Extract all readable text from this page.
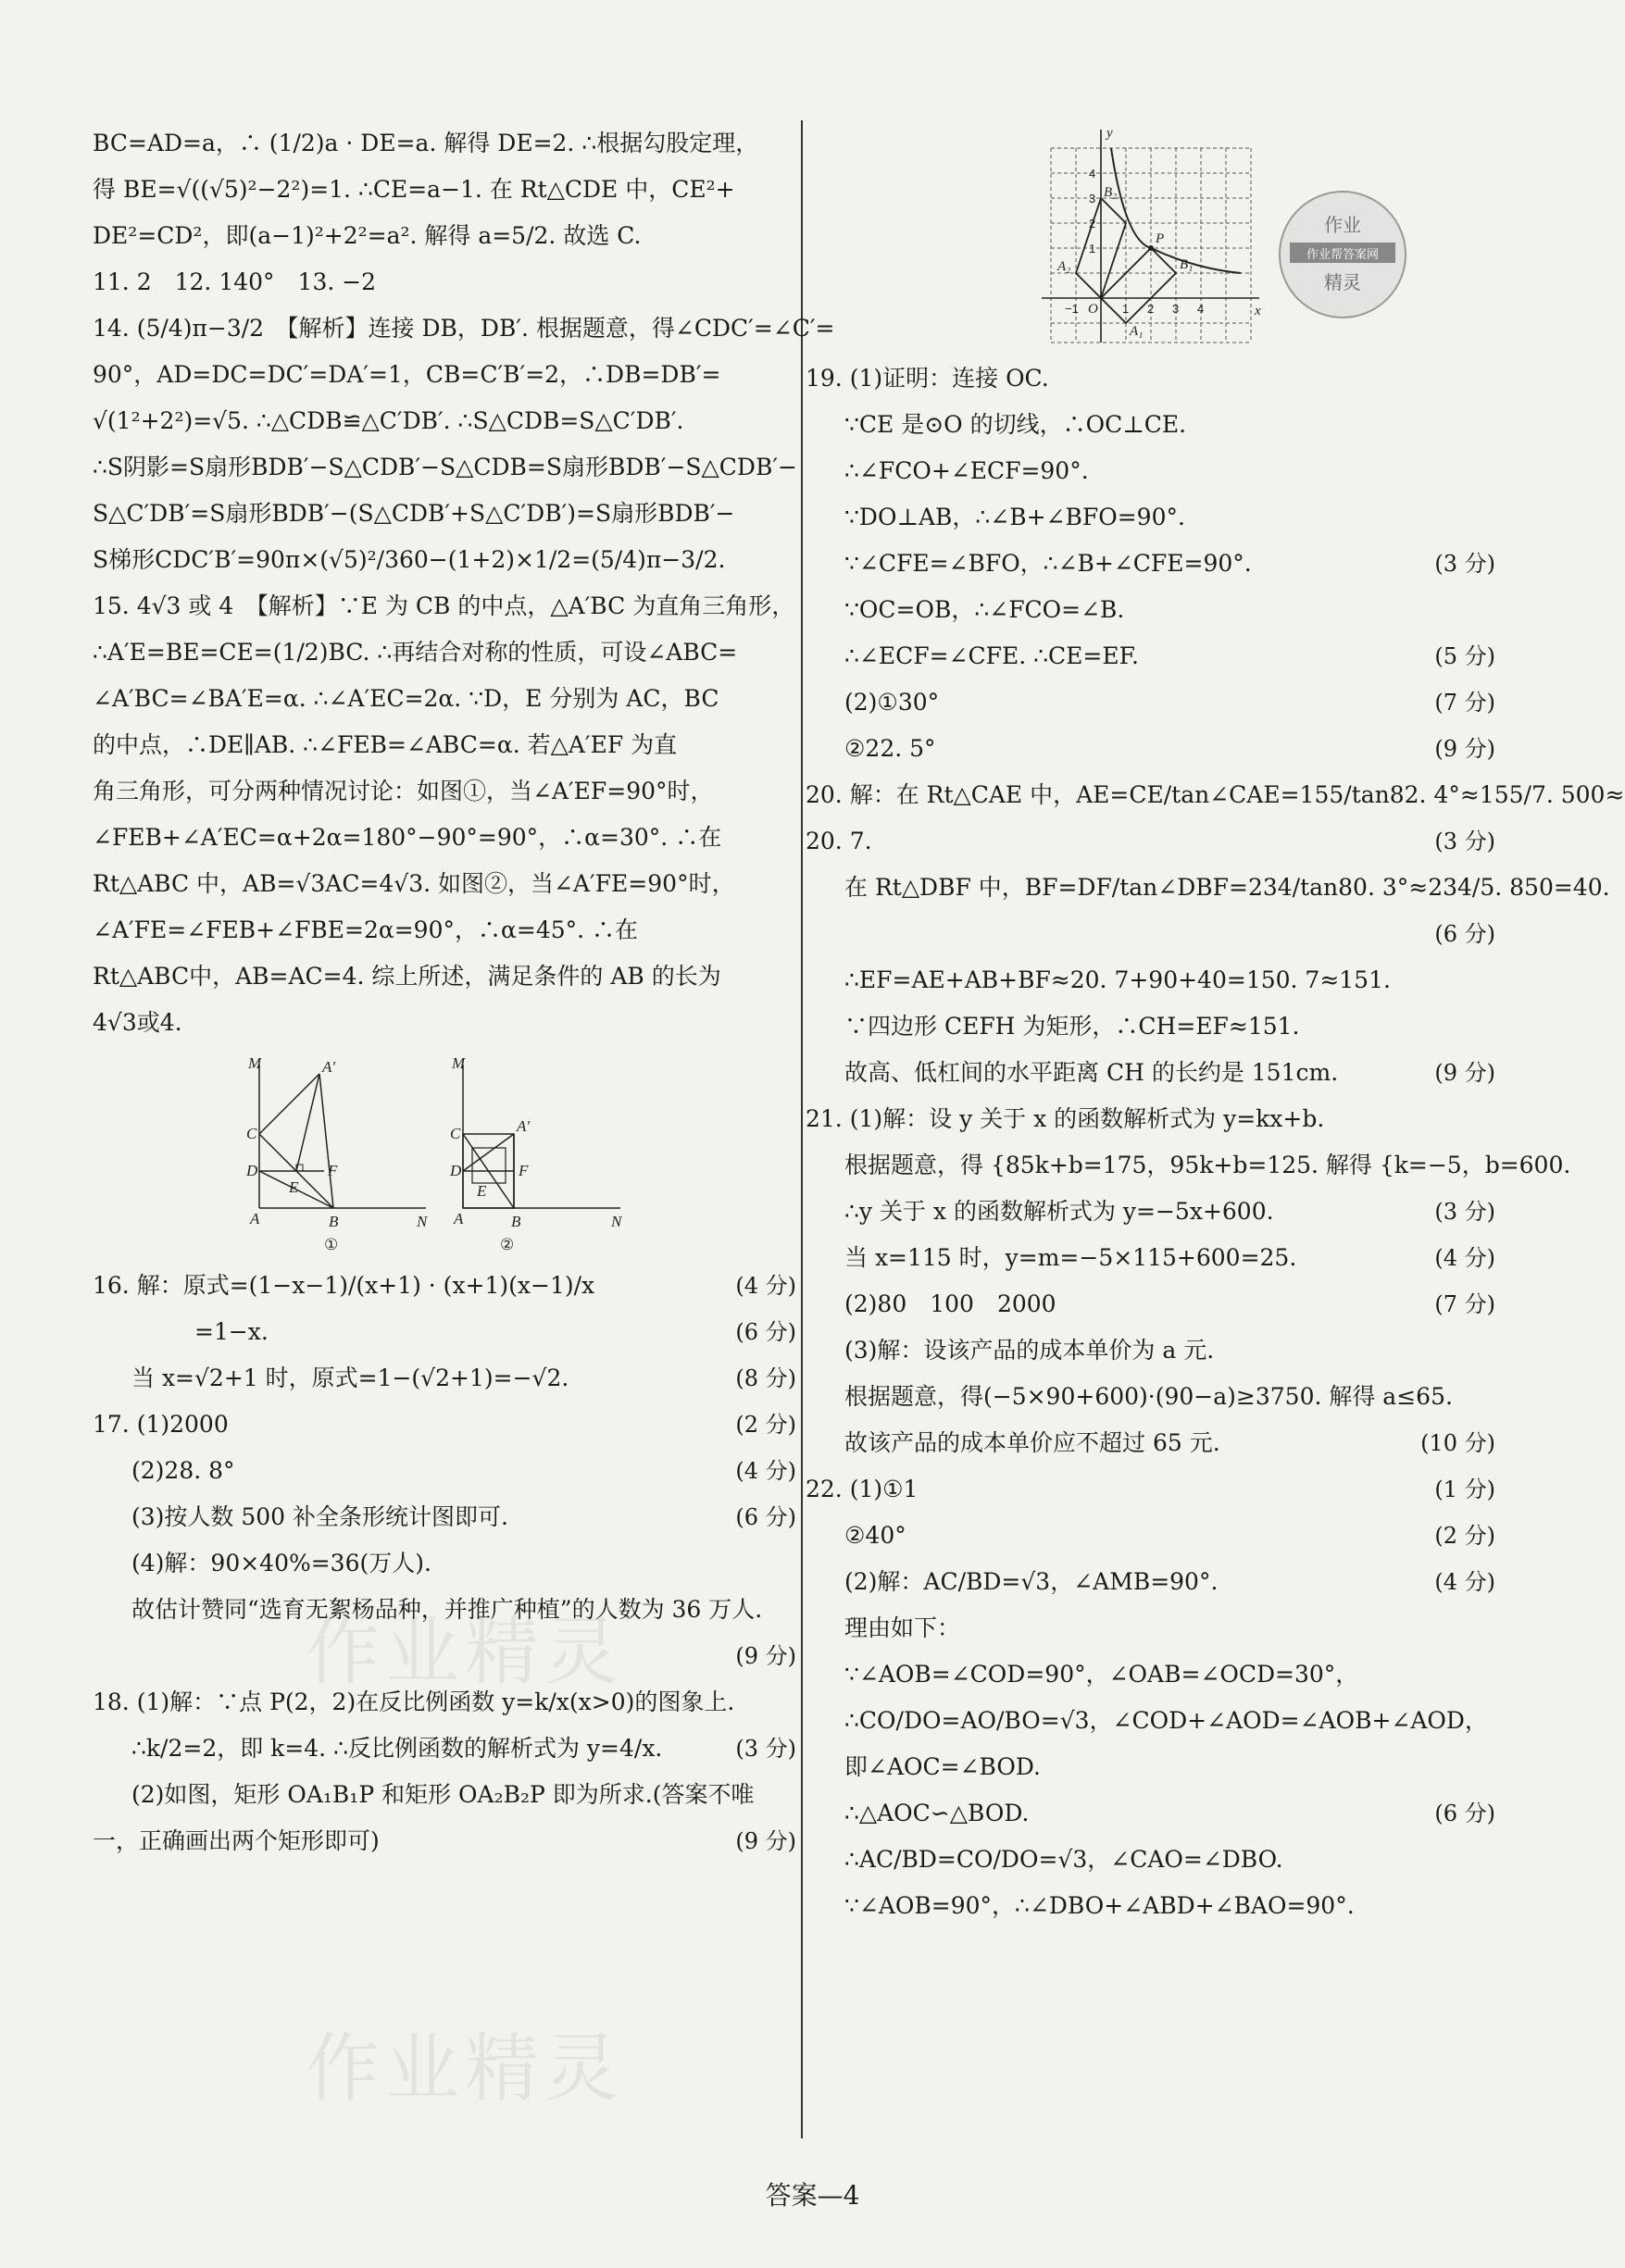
BC=AD=a，∴ (1/2)a · DE=a. 解得 DE=2. ∴根据勾股定理，
得 BE=√((√5)²−2²)=1. ∴CE=a−1. 在 Rt△CDE 中，CE²+
DE²=CD²，即(a−1)²+2²=a². 解得 a=5/2. 故选 C.
11. 2　12. 140°　13. −2
14. (5/4)π−3/2　【解析】连接 DB，DB′. 根据题意，得∠CDC′=∠C′=
90°，AD=DC=DC′=DA′=1，CB=C′B′=2，∴DB=DB′=
√(1²+2²)=√5. ∴△CDB≌△C′DB′. ∴S△CDB=S△C′DB′.
∴S阴影=S扇形BDB′−S△CDB′−S△CDB=S扇形BDB′−S△CDB′−
S△C′DB′=S扇形BDB′−(S△CDB′+S△C′DB′)=S扇形BDB′−
S梯形CDC′B′=90π×(√5)²/360−(1+2)×1/2=(5/4)π−3/2.
15. 4√3 或 4　【解析】∵E 为 CB 的中点，△A′BC 为直角三角形，
∴A′E=BE=CE=(1/2)BC. ∴再结合对称的性质，可设∠ABC=
∠A′BC=∠BA′E=α. ∴∠A′EC=2α. ∵D，E 分别为 AC，BC
的中点，∴DE∥AB. ∴∠FEB=∠ABC=α. 若△A′EF 为直
角三角形，可分两种情况讨论：如图①，当∠A′EF=90°时，
∠FEB+∠A′EC=α+2α=180°−90°=90°，∴α=30°. ∴在
Rt△ABC 中，AB=√3AC=4√3. 如图②，当∠A′FE=90°时，
∠A′FE=∠FEB+∠FBE=2α=90°，∴α=45°. ∴在
Rt△ABC中，AB=AC=4. 综上所述，满足条件的 AB 的长为
4√3或4.
M	A′
C
D	F
E
A	B	N
①
M
A′
C
D	F
E
A	B	N
②
16. 解：原式=(1−x−1)/(x+1) · (x+1)(x−1)/x	(4 分)
=1−x.	(6 分)
当 x=√2+1 时，原式=1−(√2+1)=−√2.	(8 分)
17. (1)2000	(2 分)
(2)28. 8°	(4 分)
(3)按人数 500 补全条形统计图即可.	(6 分)
(4)解：90×40%=36(万人).
故估计赞同“选育无絮杨品种，并推广种植”的人数为 36 万人.
(9 分)
18. (1)解：∵点 P(2，2)在反比例函数 y=k/x(x>0)的图象上.
∴k/2=2，即 k=4. ∴反比例函数的解析式为 y=4/x.	(3 分)
(2)如图，矩形 OA₁B₁P 和矩形 OA₂B₂P 即为所求.(答案不唯
一，正确画出两个矩形即可)	(9 分)
y
x
O
P
B₂
B₁
A₂
A₁
4
3
2
1
−1	1 2 3 4
19. (1)证明：连接 OC.
∵CE 是⊙O 的切线，∴OC⊥CE.
∴∠FCO+∠ECF=90°.
∵DO⊥AB，∴∠B+∠BFO=90°.
∵∠CFE=∠BFO，∴∠B+∠CFE=90°.	(3 分)
∵OC=OB，∴∠FCO=∠B.
∴∠ECF=∠CFE. ∴CE=EF.	(5 分)
(2)①30°	(7 分)
②22. 5°	(9 分)
20. 解：在 Rt△CAE 中，AE=CE/tan∠CAE=155/tan82. 4°≈155/7. 500≈
20. 7.	(3 分)
在 Rt△DBF 中，BF=DF/tan∠DBF=234/tan80. 3°≈234/5. 850=40.
(6 分)
∴EF=AE+AB+BF≈20. 7+90+40=150. 7≈151.
∵四边形 CEFH 为矩形，∴CH=EF≈151.
故高、低杠间的水平距离 CH 的长约是 151cm.	(9 分)
21. (1)解：设 y 关于 x 的函数解析式为 y=kx+b.
根据题意，得 {85k+b=175，95k+b=125. 解得 {k=−5，b=600.
∴y 关于 x 的函数解析式为 y=−5x+600.	(3 分)
当 x=115 时，y=m=−5×115+600=25.	(4 分)
(2)80　100　2000	(7 分)
(3)解：设该产品的成本单价为 a 元.
根据题意，得(−5×90+600)·(90−a)≥3750. 解得 a≤65.
故该产品的成本单价应不超过 65 元.	(10 分)
22. (1)①1	(1 分)
②40°	(2 分)
(2)解：AC/BD=√3，∠AMB=90°.	(4 分)
理由如下：
∵∠AOB=∠COD=90°，∠OAB=∠OCD=30°，
∴CO/DO=AO/BO=√3，∠COD+∠AOD=∠AOB+∠AOD，
即∠AOC=∠BOD.
∴△AOC∽△BOD.	(6 分)
∴AC/BD=CO/DO=√3，∠CAO=∠DBO.
∵∠AOB=90°，∴∠DBO+∠ABD+∠BAO=90°.
作业
作业帮答案网
精灵
作业精灵
作业精灵
答案—4
